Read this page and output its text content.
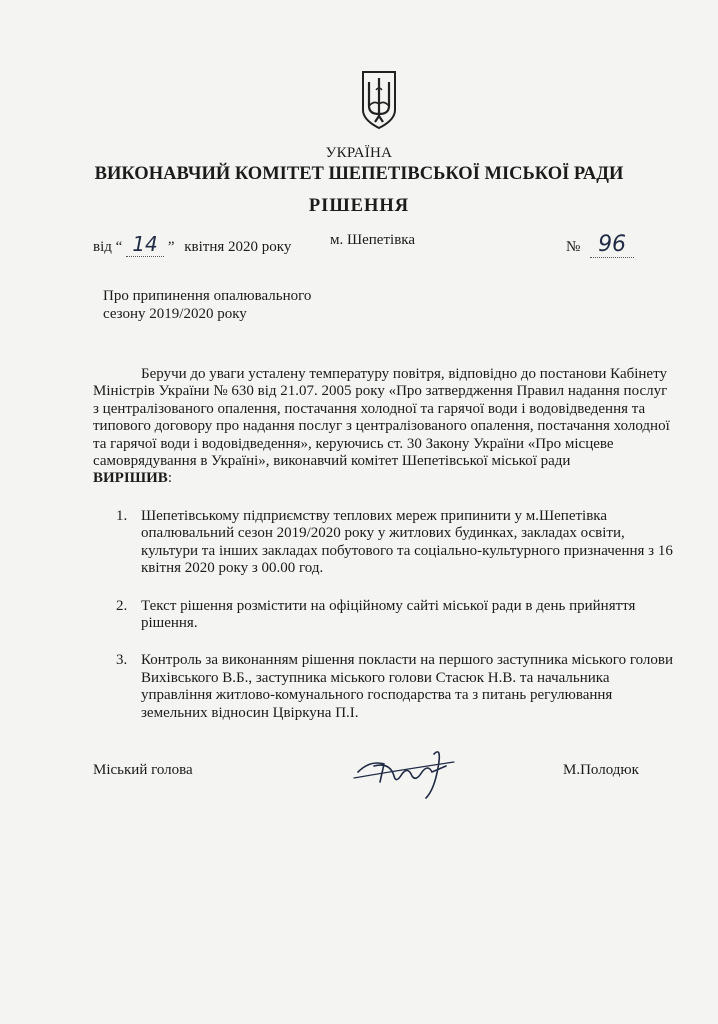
УКРАЇНА
ВИКОНАВЧИЙ КОМІТЕТ ШЕПЕТІВСЬКОЇ МІСЬКОЇ РАДИ
РІШЕННЯ
від “ 14 ” квітня 2020 року	м. Шепетівка	№ 96
Про припинення опалювального
сезону 2019/2020 року
Беручи до уваги усталену температуру повітря, відповідно до постанови Кабінету Міністрів України № 630 від 21.07. 2005 року «Про затвердження Правил надання послуг з централізованого опалення, постачання холодної та гарячої води і водовідведення та типового договору про надання послуг з централізованого опалення, постачання холодної та гарячої води і водовідведення», керуючись ст. 30 Закону України «Про місцеве самоврядування в Україні», виконавчий комітет Шепетівської міської ради
ВИРІШИВ:
1. Шепетівському підприємству теплових мереж припинити у м.Шепетівка опалювальний сезон 2019/2020 року у житлових будинках, закладах освіти, культури та інших закладах побутового та соціально-культурного призначення з 16 квітня 2020 року з 00.00 год.
2. Текст рішення розмістити на офіційному сайті міської ради в день прийняття рішення.
3. Контроль за виконанням рішення покласти на першого заступника міського голови Вихівського В.Б., заступника міського голови Стасюк Н.В. та начальника управління житлово-комунального господарства та з питань регулювання земельних відносин Цвіркуна П.І.
Міський голова	М.Полодюк
